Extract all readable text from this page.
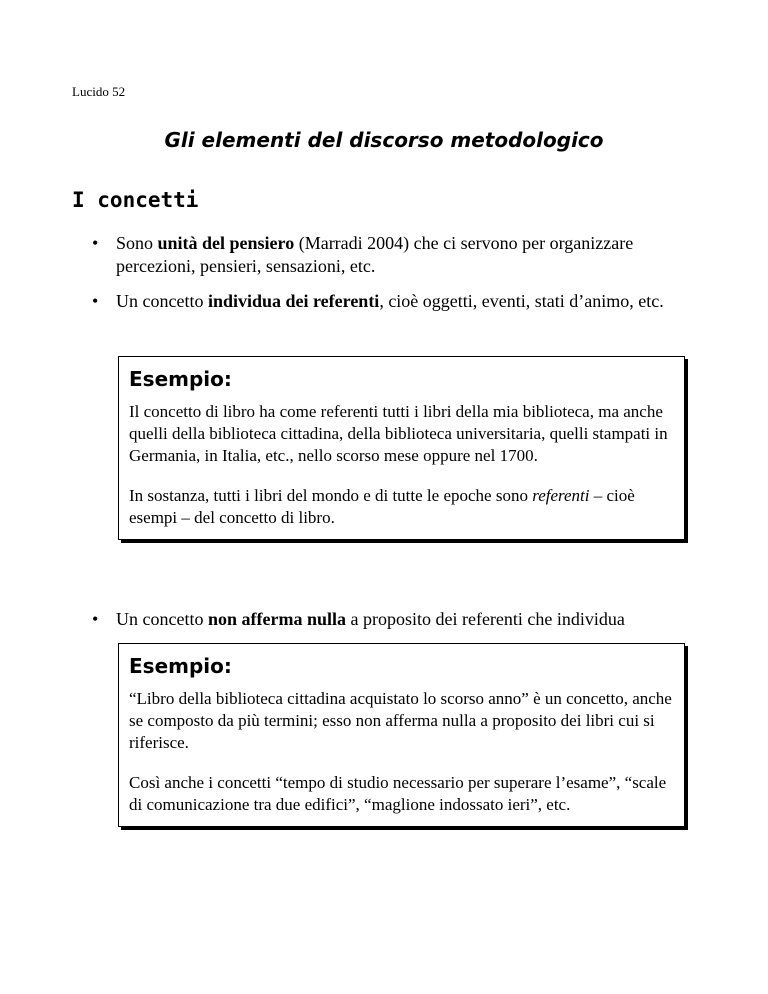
Lucido 52
Gli elementi del discorso metodologico
I concetti
• Sono unità del pensiero (Marradi 2004) che ci servono per organizzare percezioni, pensieri, sensazioni, etc.
• Un concetto individua dei referenti, cioè oggetti, eventi, stati d’animo, etc.
Esempio:

Il concetto di libro ha come referenti tutti i libri della mia biblioteca, ma anche quelli della biblioteca cittadina, della biblioteca universitaria, quelli stampati in Germania, in Italia, etc., nello scorso mese oppure nel 1700.

In sostanza, tutti i libri del mondo e di tutte le epoche sono referenti – cioè esempi – del concetto di libro.

• Un concetto non afferma nulla a proposito dei referenti che individua
Esempio:

“Libro della biblioteca cittadina acquistato lo scorso anno” è un concetto, anche se composto da più termini; esso non afferma nulla a proposito dei libri cui si riferisce.

Così anche i concetti “tempo di studio necessario per superare l’esame”, “scale di comunicazione tra due edifici”, “maglione indossato ieri”, etc.
